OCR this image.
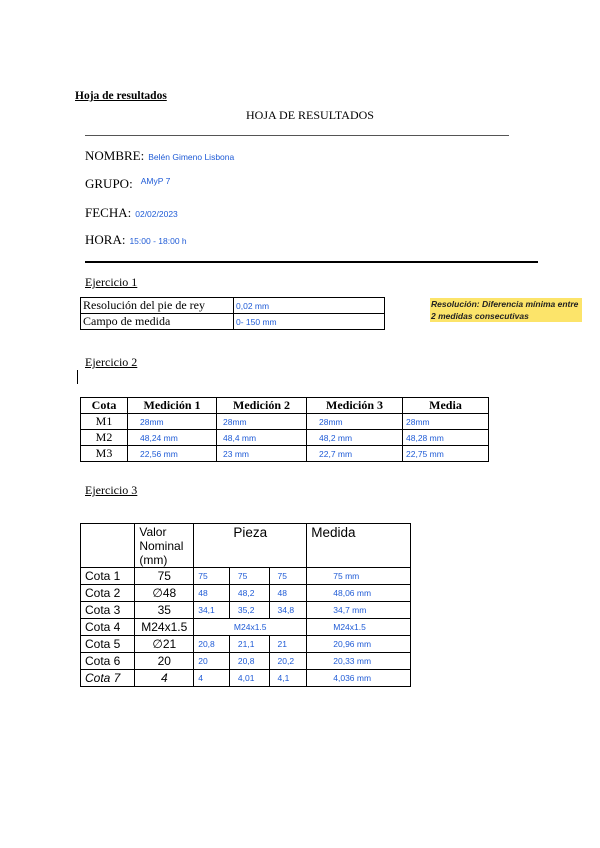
Hoja de resultados
HOJA DE RESULTADOS
NOMBRE: Belén Gimeno Lisbona
GRUPO: $^{AMyP 7}$
FECHA: 02/02/2023
HORA: 15:00 - 18:00 h
Ejercicio 1
Resolución del pie de rey	0,02 mm
Campo de medida	0- 150 mm
Resolución: Diferencia mínima entre 2 medidas consecutivas
Ejercicio 2
Cota	Medición 1	Medición 2	Medición 3	Media
M1	28mm	28mm	28mm	28mm
M2	48,24 mm	48,4 mm	48,2 mm	48,28 mm
M3	22,56 mm	23 mm	22,7 mm	22,75 mm
Ejercicio 3
	Valor Nominal (mm)	Pieza			Medida
Cota 1	75	75	75	75	75 mm
Cota 2	∅48	48	48,2	48	48,06 mm
Cota 3	35	34,1	35,2	34,8	34,7 mm
Cota 4	M24x1.5	M24x1.5			M24x1.5
Cota 5	∅21	20,8	21,1	21	20,96 mm
Cota 6	20	20	20,8	20,2	20,33 mm
Cota 7	4	4	4,01	4,1	4,036 mm
